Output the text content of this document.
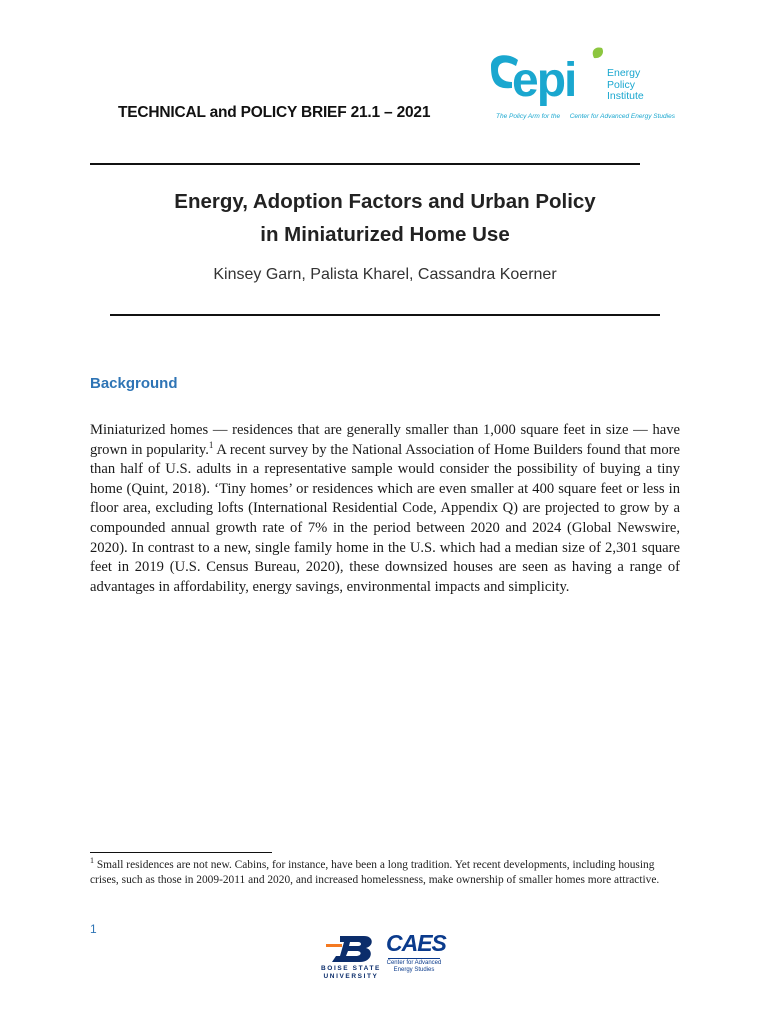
TECHNICAL and POLICY BRIEF 21.1 – 2021
epi	Energy
Policy
Institute
The Policy Arm for the Center for Advanced Energy Studies
Energy, Adoption Factors and Urban Policy
in Miniaturized Home Use
Kinsey Garn, Palista Kharel, Cassandra Koerner
Background
Miniaturized homes — residences that are generally smaller than 1,000 square feet in size — have grown in popularity.$^1$ A recent survey by the National Association of Home Builders found that more than half of U.S. adults in a representative sample would consider the possibility of buying a tiny home (Quint, 2018). ‘Tiny homes’ or residences which are even smaller at 400 square feet or less in floor area, excluding lofts (International Residential Code, Appendix Q) are projected to grow by a compounded annual growth rate of 7% in the period between 2020 and 2024 (Global Newswire, 2020). In contrast to a new, single family home in the U.S. which had a median size of 2,301 square feet in 2019 (U.S. Census Bureau, 2020), these downsized houses are seen as having a range of advantages in affordability, energy savings, environmental impacts and simplicity.
$^1$ Small residences are not new. Cabins, for instance, have been a long tradition. Yet recent developments, including housing crises, such as those in 2009-2011 and 2020, and increased homelessness, make ownership of smaller homes more attractive.
1
BOISE STATE
UNIVERSITY
CAES
Center for Advanced
Energy Studies
